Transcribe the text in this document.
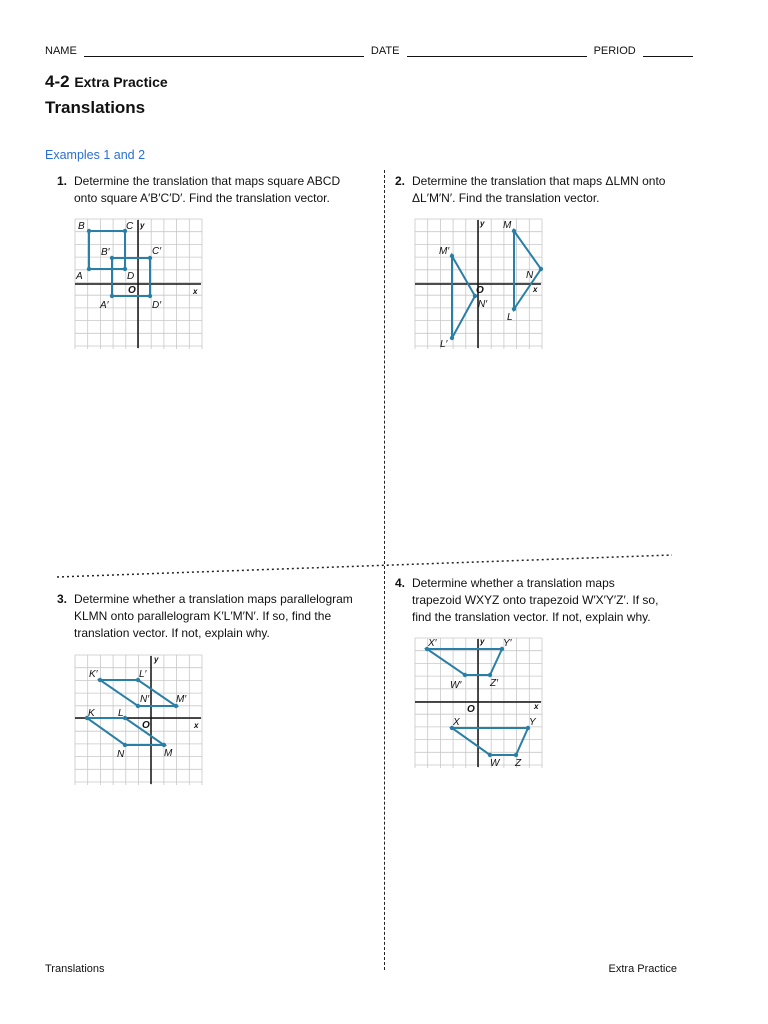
NAME	DATE	PERIOD
4-2 Extra Practice
Translations
Examples 1 and 2
1. Determine the translation that maps square ABCD
onto square A′B′C′D′. Find the translation vector.
2. Determine the translation that maps ΔLMN onto
ΔL′M′N′. Find the translation vector.
3. Determine whether a translation maps parallelogram
KLMN onto parallelogram K′L′M′N′. If so, find the
translation vector. If not, explain why.
4. Determine whether a translation maps
trapezoid WXYZ onto trapezoid W′X′Y′Z′. If so,
find the translation vector. If not, explain why.
B	C y
B′	C′
A	D
O	x
A′	D′
y M
M′
N
O	x
N′
L
L′
y
K′	L′
N′	M′
K L
O	x
N	M
X′	y Y′
W′	Z′
O	x
X	Y
W Z
Translations	Extra Practice
